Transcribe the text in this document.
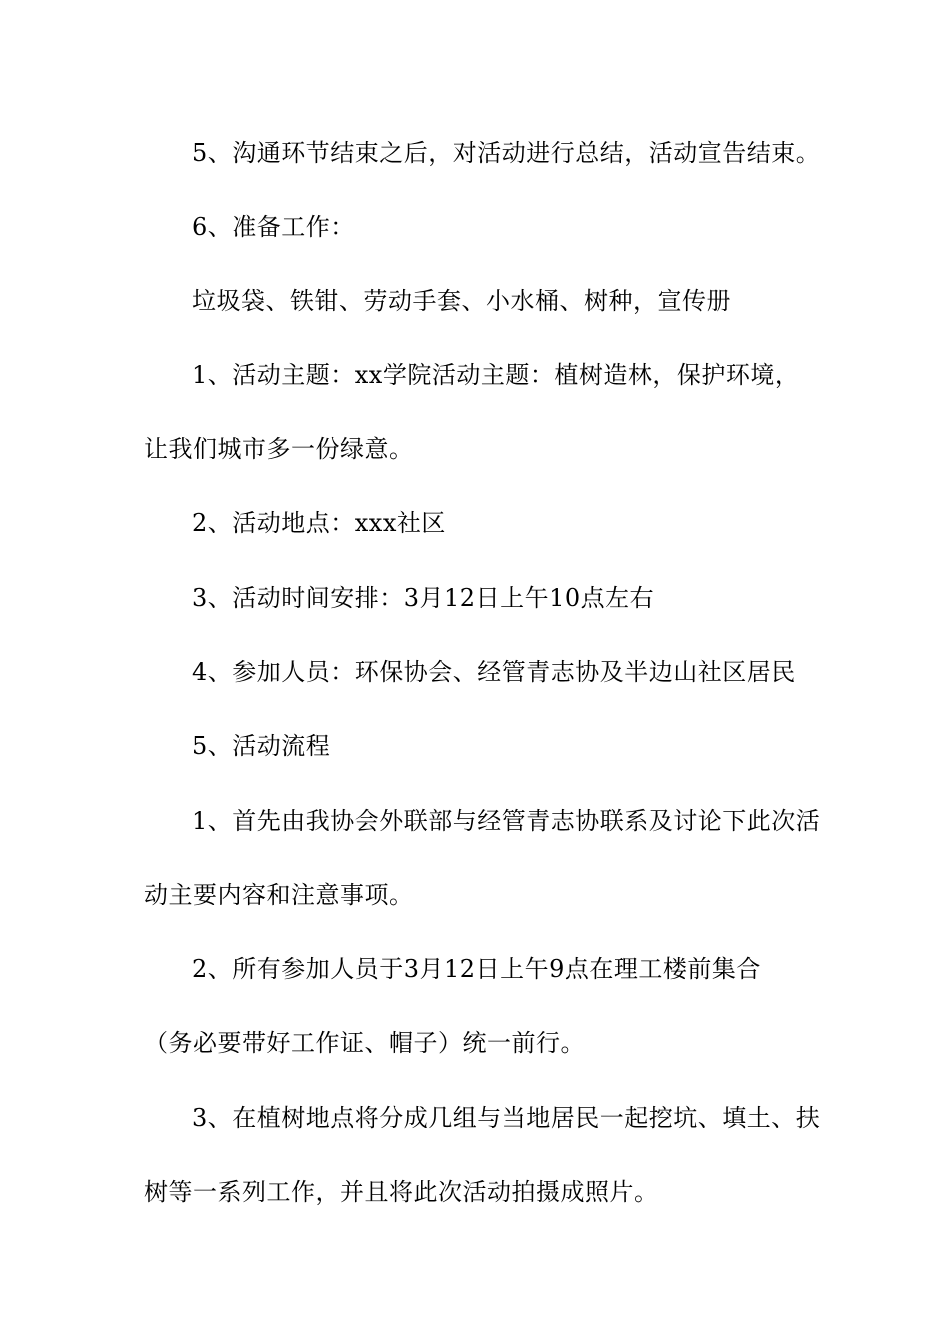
5、沟通环节结束之后，对活动进行总结，活动宣告结束。
6、准备工作：
垃圾袋、铁钳、劳动手套、小水桶、树种，宣传册
1、活动主题：xx学院活动主题：植树造林，保护环境，
让我们城市多一份绿意。
2、活动地点：xxx社区
3、活动时间安排：3月12日上午10点左右
4、参加人员：环保协会、经管青志协及半边山社区居民
5、活动流程
1、首先由我协会外联部与经管青志协联系及讨论下此次活
动主要内容和注意事项。
2、所有参加人员于3月12日上午9点在理工楼前集合
（务必要带好工作证、帽子）统一前行。
3、在植树地点将分成几组与当地居民一起挖坑、填土、扶
树等一系列工作，并且将此次活动拍摄成照片。
